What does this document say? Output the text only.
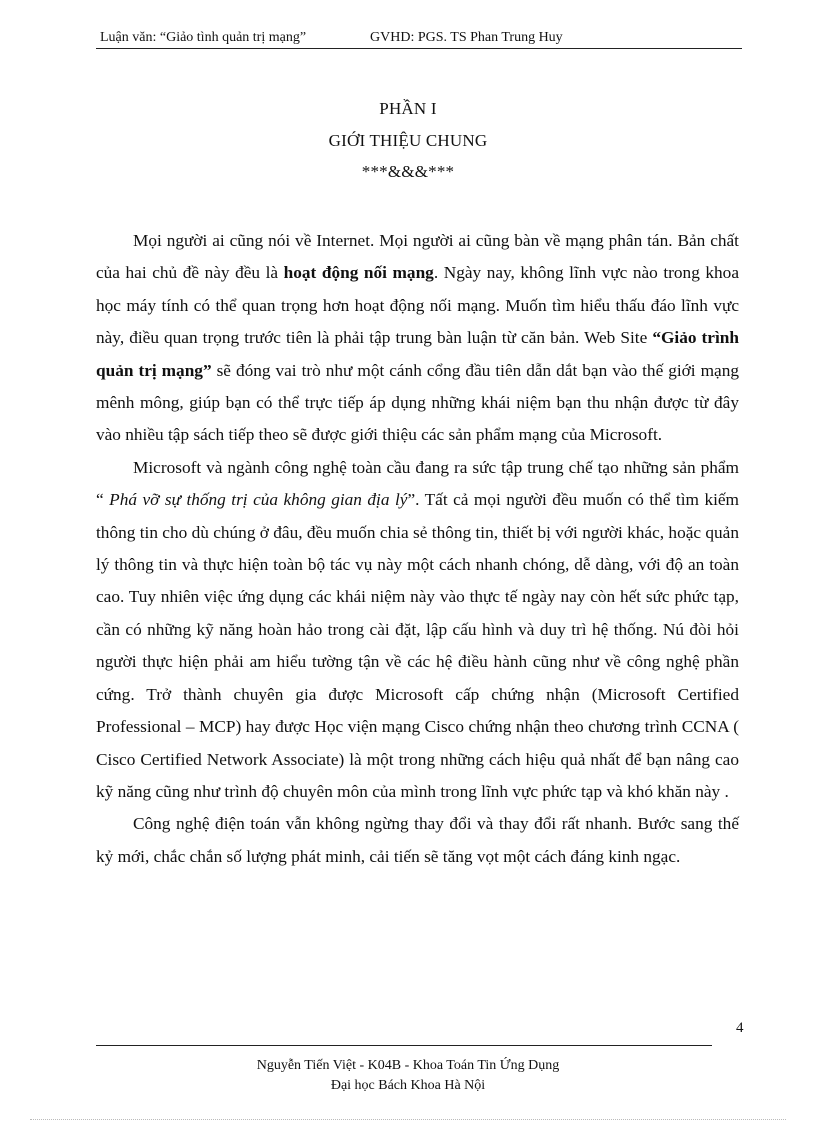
Luận văn: “Giảo tình quản trị mạng”	GVHD: PGS. TS Phan Trung Huy
PHẦN I
GIỚI THIỆU CHUNG
***&&&***

Mọi người ai cũng nói về Internet. Mọi người ai cũng bàn về mạng phân tán. Bản chất của hai chủ đề này đều là hoạt động nối mạng. Ngày nay, không lĩnh vực nào trong khoa học máy tính có thể quan trọng hơn hoạt động nối mạng. Muốn tìm hiểu thấu đáo lĩnh vực này, điều quan trọng trước tiên là phải tập trung bàn luận từ căn bản. Web Site “Giảo trình quản trị mạng” sẽ đóng vai trò như một cánh cổng đầu tiên dẫn dắt bạn vào thế giới mạng mênh mông, giúp bạn có thể trực tiếp áp dụng những khái niệm bạn thu nhận được từ đây vào nhiều tập sách tiếp theo sẽ được giới thiệu các sản phẩm mạng của Microsoft.

Microsoft và ngành công nghệ toàn cầu đang ra sức tập trung chế tạo những sản phẩm “ Phá vỡ sự thống trị của không gian địa lý”. Tất cả mọi người đều muốn có thể tìm kiếm thông tin cho dù chúng ở đâu, đều muốn chia sẻ thông tin, thiết bị với người khác, hoặc quản lý thông tin và thực hiện toàn bộ tác vụ này một cách nhanh chóng, dễ dàng, với độ an toàn cao. Tuy nhiên việc ứng dụng các khái niệm này vào thực tế ngày nay còn hết sức phức tạp, cần có những kỹ năng hoàn hảo trong cài đặt, lập cấu hình và duy trì hệ thống. Nú đòi hỏi người thực hiện phải am hiểu tường tận về các hệ điều hành cũng như về công nghệ phần cứng. Trở thành chuyên gia được Microsoft cấp chứng nhận (Microsoft Certified Professional – MCP) hay được Học viện mạng Cisco chứng nhận theo chương trình CCNA ( Cisco Certified Network Associate) là một trong những cách hiệu quả nhất để bạn nâng cao kỹ năng cũng như trình độ chuyên môn của mình trong lĩnh vực phức tạp và khó khăn này .

Công nghệ điện toán vẫn không ngừng thay đổi và thay đổi rất nhanh. Bước sang thế kỷ mới, chắc chắn số lượng phát minh, cải tiến sẽ tăng vọt một cách đáng kinh ngạc.

4
Nguyễn Tiến Việt - K04B - Khoa Toán Tin Ứng Dụng
Đại học Bách Khoa Hà Nội
